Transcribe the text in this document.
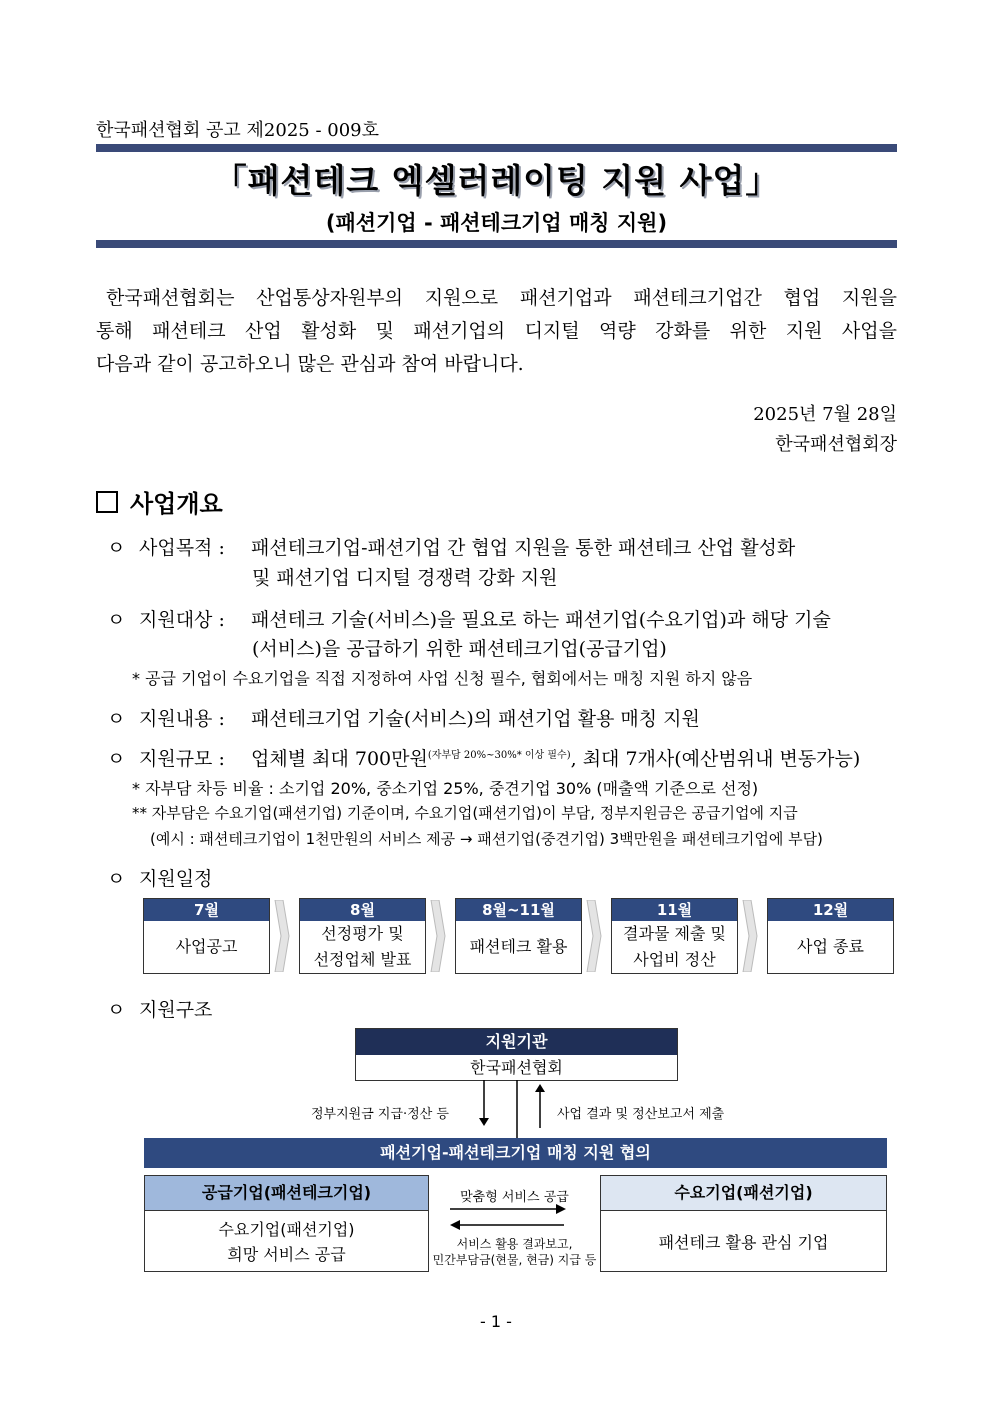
한국패션협회 공고 제2025 - 009호
「패션테크 엑셀러레이팅 지원 사업」
(패션기업 - 패션테크기업 매칭 지원)
한국패션협회는 산업통상자원부의 지원으로 패션기업과 패션테크기업간 협업 지원을
통해 패션테크 산업 활성화 및 패션기업의 디지털 역량 강화를 위한 지원 사업을
다음과 같이 공고하오니 많은 관심과 참여 바랍니다.
2025년 7월 28일
한국패션협회장
사업개요
ㅇ 사업목적 : 패션테크기업-패션기업 간 협업 지원을 통한 패션테크 산업 활성화
및 패션기업 디지털 경쟁력 강화 지원
ㅇ 지원대상 : 패션테크 기술(서비스)을 필요로 하는 패션기업(수요기업)과 해당 기술
(서비스)을 공급하기 위한 패션테크기업(공급기업)
* 공급 기업이 수요기업을 직접 지정하여 사업 신청 필수, 협회에서는 매칭 지원 하지 않음
ㅇ 지원내용 : 패션테크기업 기술(서비스)의 패션기업 활용 매칭 지원
ㅇ 지원규모 : 업체별 최대 700만원$^{(자부담 20\%\sim 30\%* 이상 필수)}$, 최대 7개사(예산범위내 변동가능)
* 자부담 차등 비율 : 소기업 20%, 중소기업 25%, 중견기업 30% (매출액 기준으로 선정)
** 자부담은 수요기업(패션기업) 기준이며, 수요기업(패션기업)이 부담, 정부지원금은 공급기업에 지급
(예시 : 패션테크기업이 1천만원의 서비스 제공 → 패션기업(중견기업) 3백만원을 패션테크기업에 부담)
ㅇ 지원일정
7월
사업공고
8월
선정평가 및
선정업체 발표
8월~11월
패션테크 활용
11월
결과물 제출 및
사업비 정산
12월
사업 종료
ㅇ 지원구조
지원기관
한국패션협회
정부지원금 지급·정산 등	사업 결과 및 정산보고서 제출
패션기업-패션테크기업 매칭 지원 협의
공급기업(패션테크기업)
수요기업(패션기업)
희망 서비스 공급
맞춤형 서비스 공급
서비스 활용 결과보고,
민간부담금(현물, 현금) 지급 등
수요기업(패션기업)
패션테크 활용 관심 기업
- 1 -
